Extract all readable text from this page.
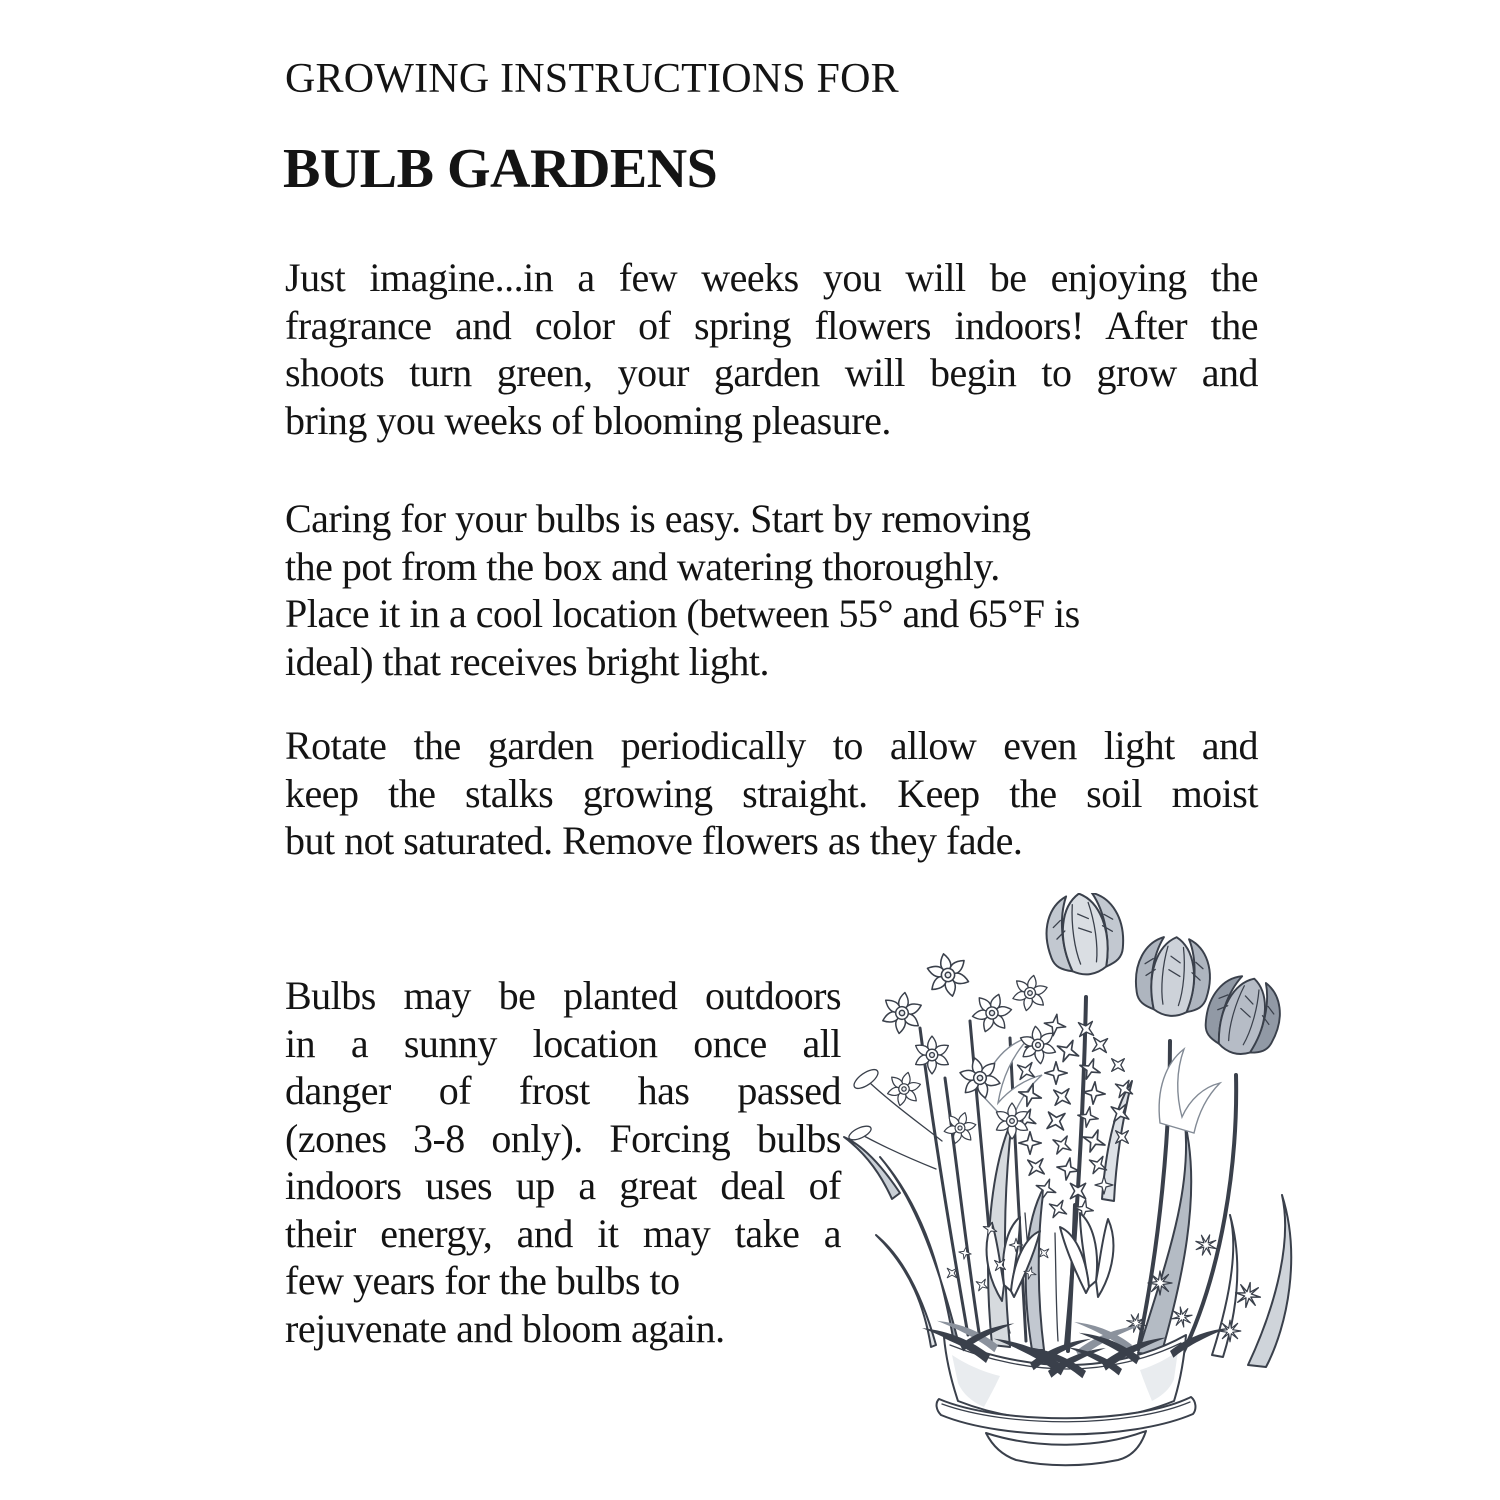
GROWING INSTRUCTIONS FOR
BULB GARDENS
Just imagine...in a few weeks you will be enjoying the
fragrance and color of spring flowers indoors! After the
shoots turn green, your garden will begin to grow and
bring you weeks of blooming pleasure.
Caring for your bulbs is easy. Start by removing
the pot from the box and watering thoroughly.
Place it in a cool location (between 55° and 65°F is
ideal) that receives bright light.
Rotate the garden periodically to allow even light and
keep the stalks growing straight. Keep the soil moist
but not saturated. Remove flowers as they fade.
Bulbs may be planted outdoors
in a sunny location once all
danger of frost has passed
(zones 3-8 only). Forcing bulbs
indoors uses up a great deal of
their energy, and it may take a
few years for the bulbs to
rejuvenate and bloom again.
